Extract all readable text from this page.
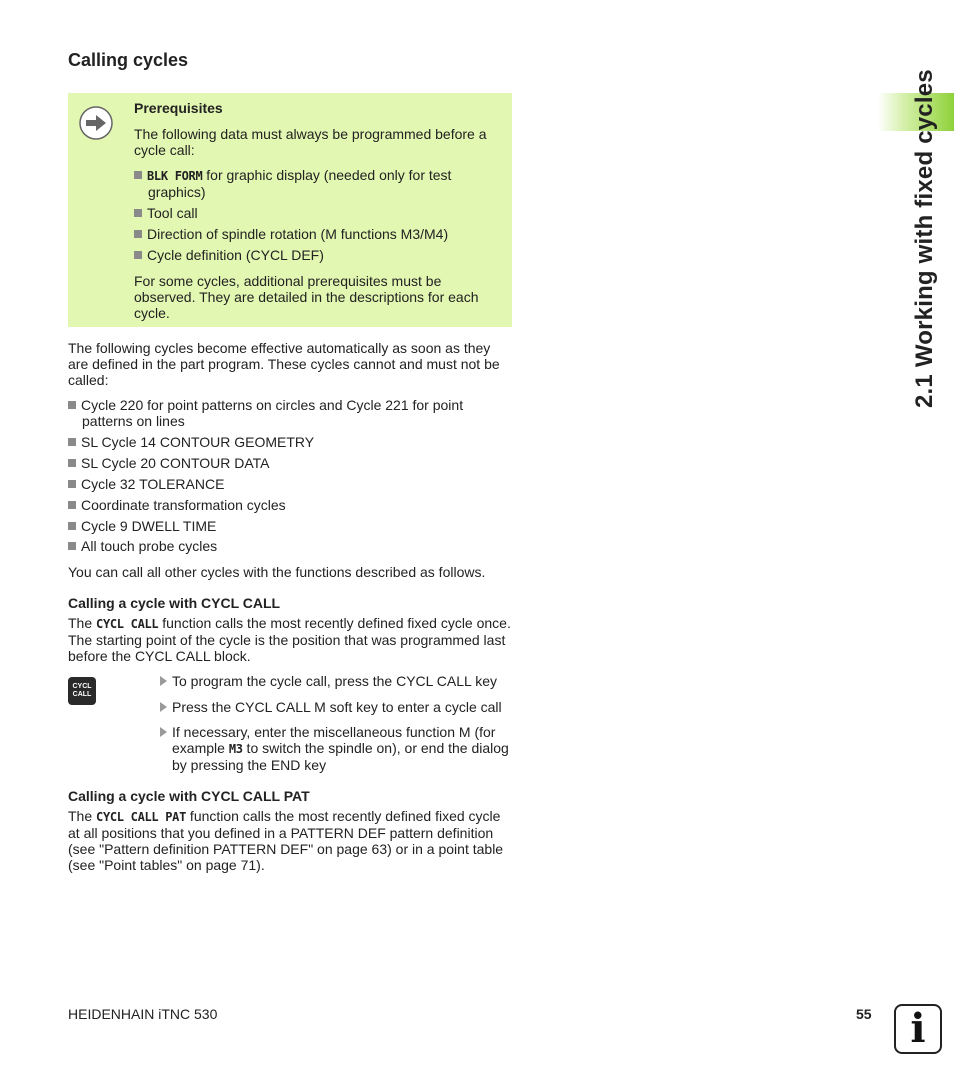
Calling cycles
2.1 Working with fixed cycles
Prerequisites
The following data must always be programmed before a cycle call:
BLK FORM for graphic display (needed only for test graphics)
Tool call
Direction of spindle rotation (M functions M3/M4)
Cycle definition (CYCL DEF)
For some cycles, additional prerequisites must be observed. They are detailed in the descriptions for each cycle.
The following cycles become effective automatically as soon as they are defined in the part program. These cycles cannot and must not be called:
Cycle 220 for point patterns on circles and Cycle 221 for point patterns on lines
SL Cycle 14 CONTOUR GEOMETRY
SL Cycle 20 CONTOUR DATA
Cycle 32 TOLERANCE
Coordinate transformation cycles
Cycle 9 DWELL TIME
All touch probe cycles
You can call all other cycles with the functions described as follows.
Calling a cycle with CYCL CALL
The CYCL CALL function calls the most recently defined fixed cycle once. The starting point of the cycle is the position that was programmed last before the CYCL CALL block.
CYCL
CALL
To program the cycle call, press the CYCL CALL key
Press the CYCL CALL M soft key to enter a cycle call
If necessary, enter the miscellaneous function M (for example M3 to switch the spindle on), or end the dialog by pressing the END key
Calling a cycle with CYCL CALL PAT
The CYCL CALL PAT function calls the most recently defined fixed cycle at all positions that you defined in a PATTERN DEF pattern definition (see "Pattern definition PATTERN DEF" on page 63) or in a point table (see "Point tables" on page 71).
HEIDENHAIN iTNC 530	55 i
